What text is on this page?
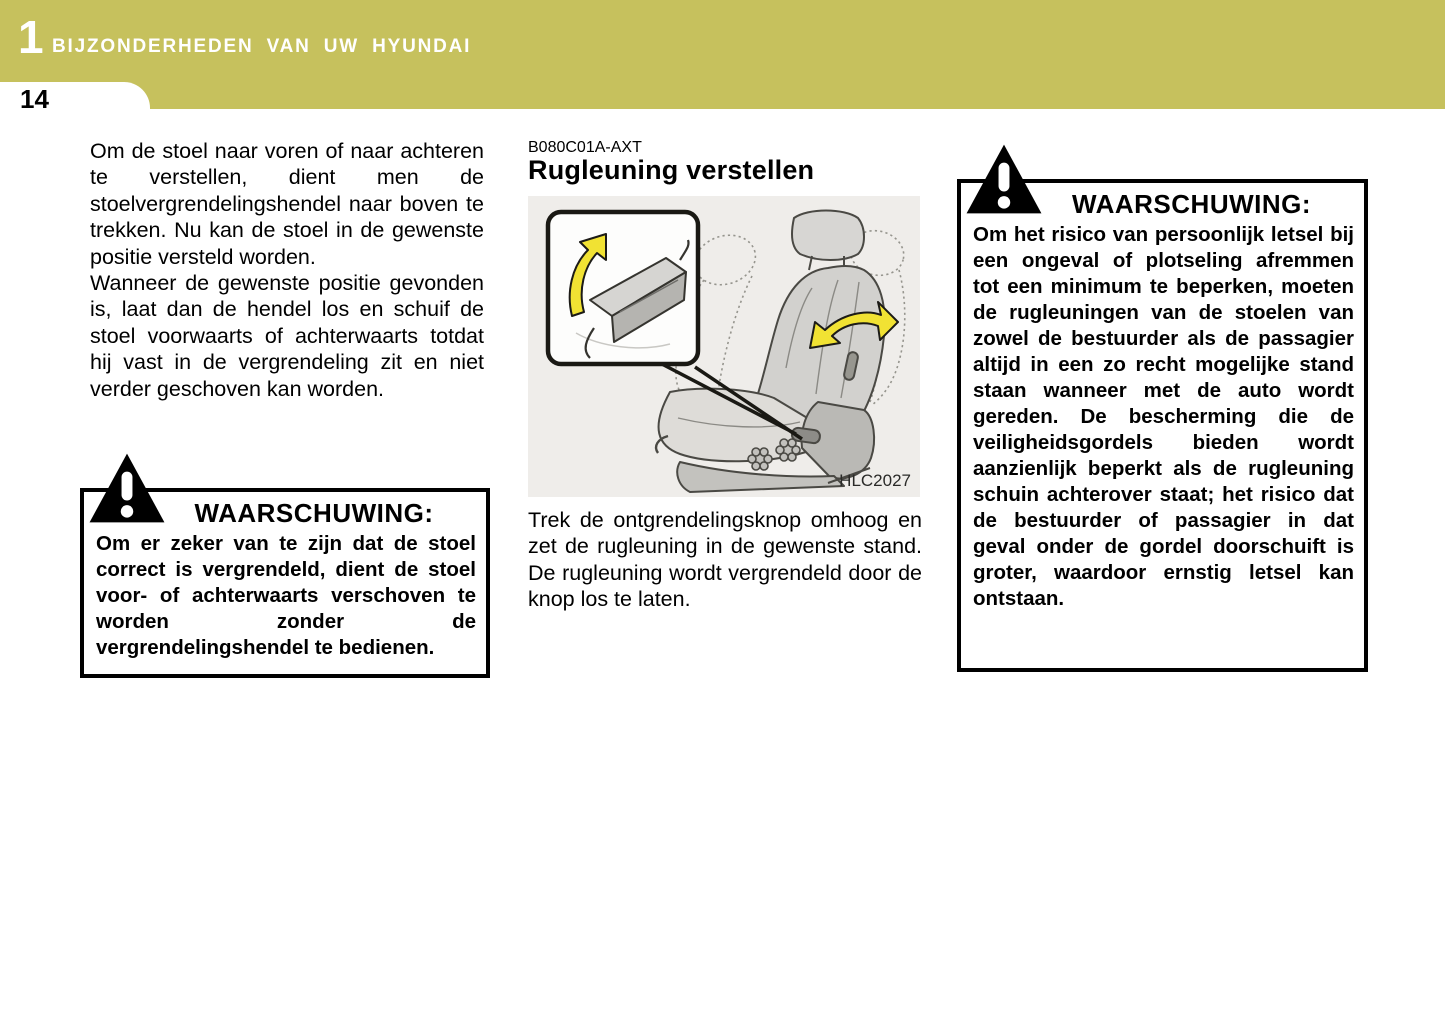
1 BIJZONDERHEDEN VAN UW HYUNDAI
14

Om de stoel naar voren of naar achteren te verstellen, dient men de stoelvergrendelingshendel naar boven te trekken. Nu kan de stoel in de gewenste positie versteld worden.

Wanneer de gewenste positie gevonden is, laat dan de hendel los en schuif de stoel voorwaarts of achterwaarts totdat hij vast in de vergrendeling zit en niet verder geschoven kan worden.

WAARSCHUWING:
Om er zeker van te zijn dat de stoel correct is vergrendeld, dient de stoel voor- of achterwaarts verschoven te worden zonder de vergrendelingshendel te bedienen.
B080C01A-AXT
Rugleuning verstellen
HLC2027

Trek de ontgrendelingsknop omhoog en zet de rugleuning in de gewenste stand. De rugleuning wordt vergrendeld door de knop los te laten.

WAARSCHUWING:
Om het risico van persoonlijk letsel bij een ongeval of plotseling afremmen tot een minimum te beperken, moeten de rugleuningen van de stoelen van zowel de bestuurder als de passagier altijd in een zo recht mogelijke stand staan wanneer met de auto wordt gereden. De bescherming die de veiligheidsgordels bieden wordt aanzienlijk beperkt als de rugleuning schuin achterover staat; het risico dat de bestuurder of passagier in dat geval onder de gordel doorschuift is groter, waardoor ernstig letsel kan ontstaan.
